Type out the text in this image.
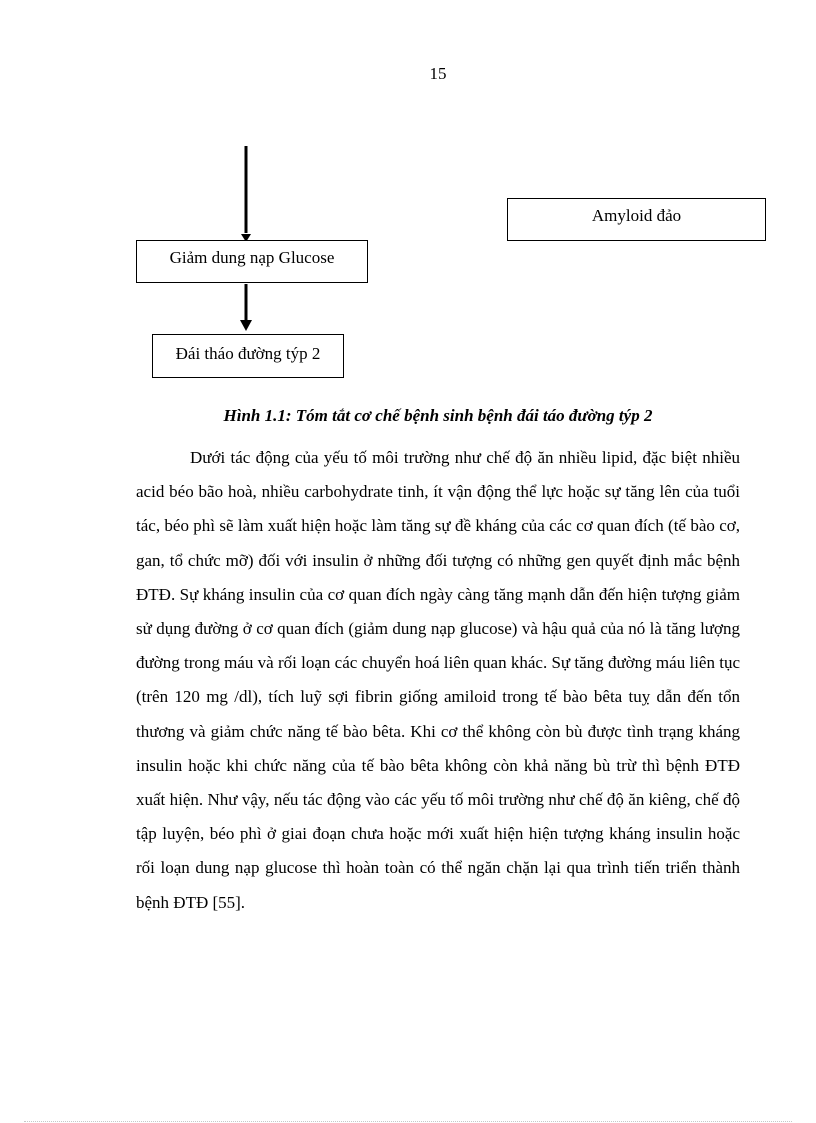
15
Giảm dung nạp Glucose
Đái tháo đường týp 2
Amyloid đảo
Hình 1.1: Tóm tắt cơ chế bệnh sinh bệnh đái táo đường týp 2

Dưới tác động của yếu tố môi trường như chế độ ăn nhiều lipid, đặc biệt nhiều acid béo bão hoà, nhiều carbohydrate tinh, ít vận động thể lực hoặc sự tăng lên của tuổi tác, béo phì sẽ làm xuất hiện hoặc làm tăng sự đề kháng của các cơ quan đích (tế bào cơ, gan, tổ chức mỡ) đối với insulin ở những đối tượng có những gen quyết định mắc bệnh ĐTĐ. Sự kháng insulin của cơ quan đích ngày càng tăng mạnh dẫn đến hiện tượng giảm sử dụng đường ở cơ quan đích (giảm dung nạp glucose) và hậu quả của nó là tăng lượng đường trong máu và rối loạn các chuyển hoá liên quan khác. Sự tăng đường máu liên tục (trên 120 mg /dl), tích luỹ sợi fibrin giống amiloid trong tế bào bêta tuỵ dẫn đến tổn thương và giảm chức năng tế bào bêta. Khi cơ thể không còn bù được tình trạng kháng insulin hoặc khi chức năng của tế bào bêta không còn khả năng bù trừ thì bệnh ĐTĐ xuất hiện. Như vậy, nếu tác động vào các yếu tố môi trường như chế độ ăn kiêng, chế độ tập luyện, béo phì ở giai đoạn chưa hoặc mới xuất hiện hiện tượng kháng insulin hoặc rối loạn dung nạp glucose thì hoàn toàn có thể ngăn chặn lại qua trình tiến triển thành bệnh ĐTĐ [55].
